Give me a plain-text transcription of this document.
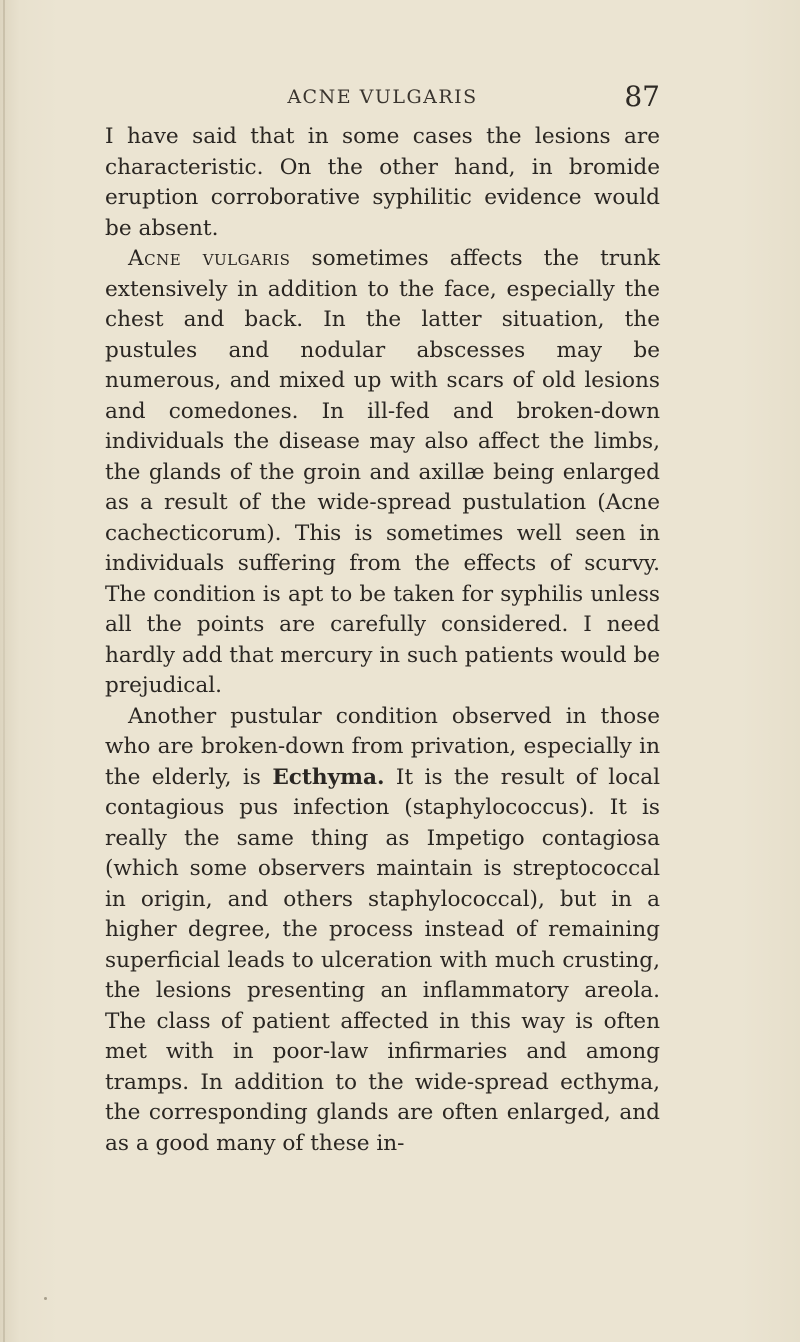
ACNE VULGARIS	87

I have said that in some cases the lesions are characteristic. On the other hand, in bromide eruption corroborative syphilitic evidence would be absent.

Acne vulgaris sometimes affects the trunk extensively in addition to the face, especially the chest and back. In the latter situation, the pustules and nodular abscesses may be numerous, and mixed up with scars of old lesions and comedones. In ill-fed and broken-down individuals the disease may also affect the limbs, the glands of the groin and axillæ being enlarged as a result of the wide-spread pustulation (Acne cachecticorum). This is sometimes well seen in individuals suffering from the effects of scurvy. The condition is apt to be taken for syphilis unless all the points are carefully considered. I need hardly add that mercury in such patients would be prejudical.

Another pustular condition observed in those who are broken-down from privation, especially in the elderly, is Ecthyma. It is the result of local contagious pus infection (staphylococcus). It is really the same thing as Impetigo contagiosa (which some observers maintain is streptococcal in origin, and others staphylococcal), but in a higher degree, the process instead of remaining superficial leads to ulceration with much crusting, the lesions presenting an inflammatory areola. The class of patient affected in this way is often met with in poor-law infirmaries and among tramps. In addition to the wide-spread ecthyma, the corresponding glands are often enlarged, and as a good many of these in-
